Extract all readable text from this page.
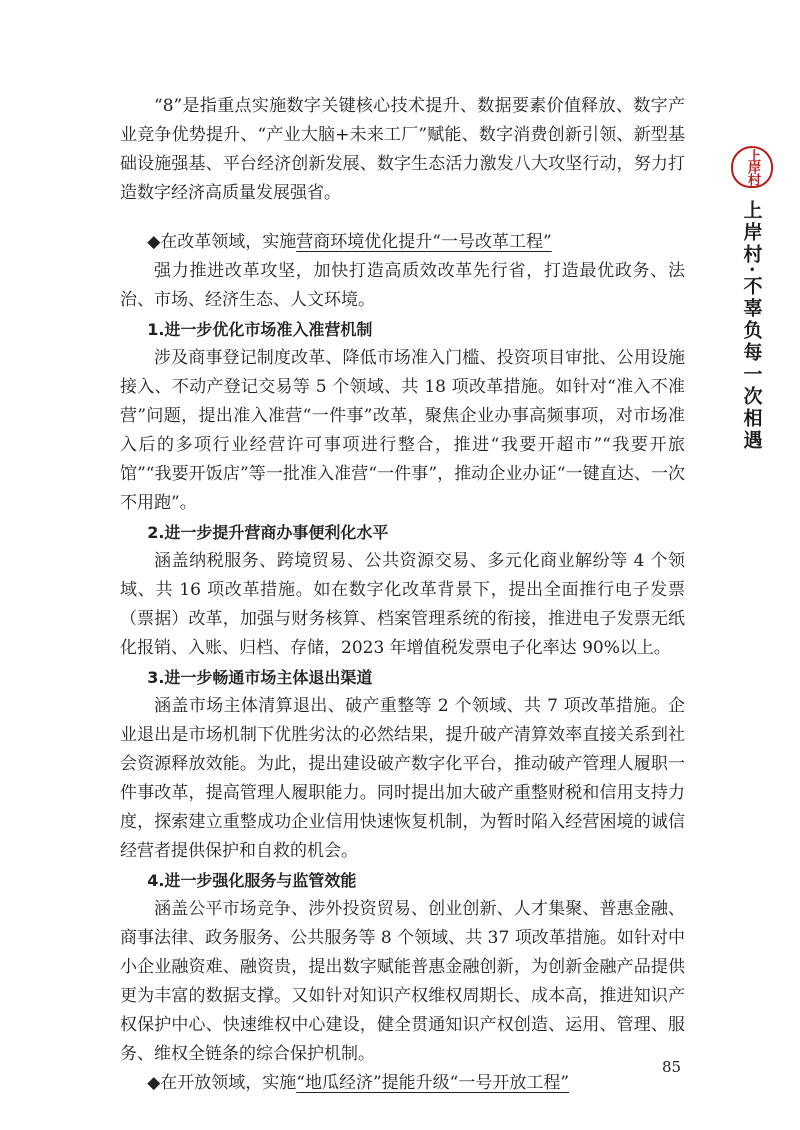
“8”是指重点实施数字关键核心技术提升、数据要素价值释放、数字产业竞争优势提升、“产业大脑+未来工厂”赋能、数字消费创新引领、新型基础设施强基、平台经济创新发展、数字生态活力激发八大攻坚行动，努力打造数字经济高质量发展强省。

◆在改革领域，实施营商环境优化提升“一号改革工程”

强力推进改革攻坚，加快打造高质效改革先行省，打造最优政务、法治、市场、经济生态、人文环境。

1.进一步优化市场准入准营机制

涉及商事登记制度改革、降低市场准入门槛、投资项目审批、公用设施接入、不动产登记交易等 5 个领域、共 18 项改革措施。如针对“准入不准营”问题，提出准入准营“一件事”改革，聚焦企业办事高频事项，对市场准入后的多项行业经营许可事项进行整合，推进“我要开超市”“我要开旅馆”“我要开饭店”等一批准入准营“一件事”，推动企业办证“一键直达、一次不用跑”。

2.进一步提升营商办事便利化水平

涵盖纳税服务、跨境贸易、公共资源交易、多元化商业解纷等 4 个领域、共 16 项改革措施。如在数字化改革背景下，提出全面推行电子发票（票据）改革，加强与财务核算、档案管理系统的衔接，推进电子发票无纸化报销、入账、归档、存储，2023 年增值税发票电子化率达 90%以上。

3.进一步畅通市场主体退出渠道

涵盖市场主体清算退出、破产重整等 2 个领域、共 7 项改革措施。企业退出是市场机制下优胜劣汰的必然结果，提升破产清算效率直接关系到社会资源释放效能。为此，提出建设破产数字化平台，推动破产管理人履职一件事改革，提高管理人履职能力。同时提出加大破产重整财税和信用支持力度，探索建立重整成功企业信用快速恢复机制，为暂时陷入经营困境的诚信经营者提供保护和自救的机会。

4.进一步强化服务与监管效能

涵盖公平市场竞争、涉外投资贸易、创业创新、人才集聚、普惠金融、商事法律、政务服务、公共服务等 8 个领域、共 37 项改革措施。如针对中小企业融资难、融资贵，提出数字赋能普惠金融创新，为创新金融产品提供更为丰富的数据支撑。又如针对知识产权维权周期长、成本高，推进知识产权保护中心、快速维权中心建设，健全贯通知识产权创造、运用、管理、服务、维权全链条的综合保护机制。

◆在开放领域，实施“地瓜经济”提能升级“一号开放工程”

上岸村
上岸村·不辜负每一次相遇
85
